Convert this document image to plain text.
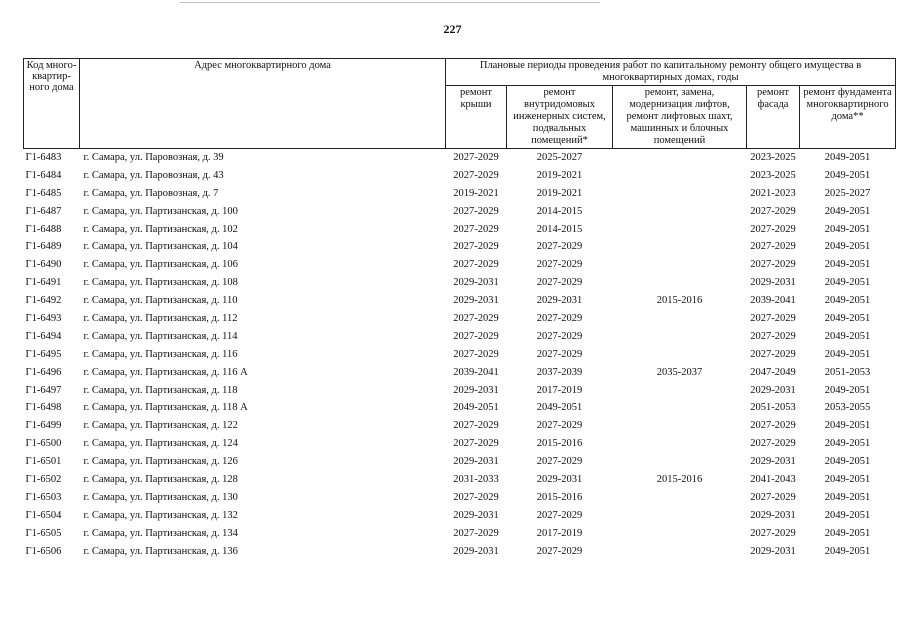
227
Код много-квартир-ного дома	Адрес многоквартирного дома	Плановые периоды проведения работ по капитальному ремонту общего имущества в многоквартирных домах, годы				
		ремонт крыши	ремонт внутридомовых инженерных систем, подвальных помещений*	ремонт, замена, модернизация лифтов, ремонт лифтовых шахт, машинных и блочных помещений	ремонт фасада	ремонт фундамента многоквартирного дома**
Г1-6483	г. Самара, ул. Паровозная, д. 39	2027-2029	2025-2027		2023-2025	2049-2051
Г1-6484	г. Самара, ул. Паровозная, д. 43	2027-2029	2019-2021		2023-2025	2049-2051
Г1-6485	г. Самара, ул. Паровозная, д. 7	2019-2021	2019-2021		2021-2023	2025-2027
Г1-6487	г. Самара, ул. Партизанская, д. 100	2027-2029	2014-2015		2027-2029	2049-2051
Г1-6488	г. Самара, ул. Партизанская, д. 102	2027-2029	2014-2015		2027-2029	2049-2051
Г1-6489	г. Самара, ул. Партизанская, д. 104	2027-2029	2027-2029		2027-2029	2049-2051
Г1-6490	г. Самара, ул. Партизанская, д. 106	2027-2029	2027-2029		2027-2029	2049-2051
Г1-6491	г. Самара, ул. Партизанская, д. 108	2029-2031	2027-2029		2029-2031	2049-2051
Г1-6492	г. Самара, ул. Партизанская, д. 110	2029-2031	2029-2031	2015-2016	2039-2041	2049-2051
Г1-6493	г. Самара, ул. Партизанская, д. 112	2027-2029	2027-2029		2027-2029	2049-2051
Г1-6494	г. Самара, ул. Партизанская, д. 114	2027-2029	2027-2029		2027-2029	2049-2051
Г1-6495	г. Самара, ул. Партизанская, д. 116	2027-2029	2027-2029		2027-2029	2049-2051
Г1-6496	г. Самара, ул. Партизанская, д. 116 А	2039-2041	2037-2039	2035-2037	2047-2049	2051-2053
Г1-6497	г. Самара, ул. Партизанская, д. 118	2029-2031	2017-2019		2029-2031	2049-2051
Г1-6498	г. Самара, ул. Партизанская, д. 118 А	2049-2051	2049-2051		2051-2053	2053-2055
Г1-6499	г. Самара, ул. Партизанская, д. 122	2027-2029	2027-2029		2027-2029	2049-2051
Г1-6500	г. Самара, ул. Партизанская, д. 124	2027-2029	2015-2016		2027-2029	2049-2051
Г1-6501	г. Самара, ул. Партизанская, д. 126	2029-2031	2027-2029		2029-2031	2049-2051
Г1-6502	г. Самара, ул. Партизанская, д. 128	2031-2033	2029-2031	2015-2016	2041-2043	2049-2051
Г1-6503	г. Самара, ул. Партизанская, д. 130	2027-2029	2015-2016		2027-2029	2049-2051
Г1-6504	г. Самара, ул. Партизанская, д. 132	2029-2031	2027-2029		2029-2031	2049-2051
Г1-6505	г. Самара, ул. Партизанская, д. 134	2027-2029	2017-2019		2027-2029	2049-2051
Г1-6506	г. Самара, ул. Партизанская, д. 136	2029-2031	2027-2029		2029-2031	2049-2051
